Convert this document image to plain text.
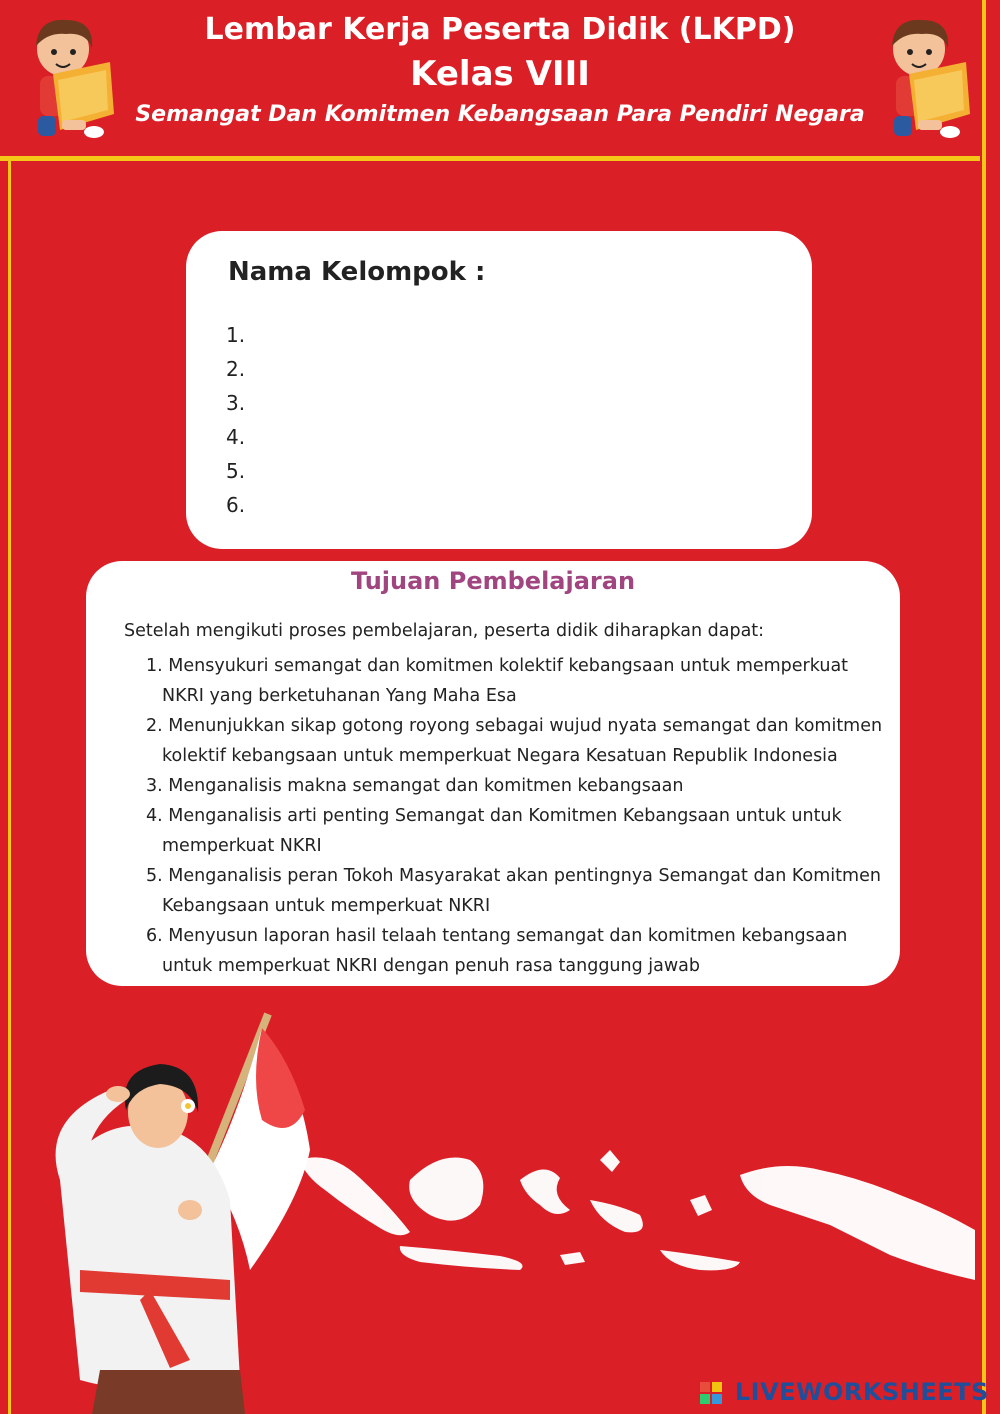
Lembar Kerja Peserta Didik (LKPD)
Kelas VIII
Semangat Dan Komitmen Kebangsaan Para Pendiri Negara
Nama Kelompok :
1.
2.
3.
4.
5.
6.
Tujuan Pembelajaran
Setelah mengikuti proses pembelajaran, peserta didik diharapkan dapat:
1. Mensyukuri semangat dan komitmen kolektif kebangsaan untuk memperkuat
NKRI yang berketuhanan Yang Maha Esa
2. Menunjukkan sikap gotong royong sebagai wujud nyata semangat dan komitmen
kolektif kebangsaan untuk memperkuat Negara Kesatuan Republik Indonesia
3. Menganalisis makna semangat dan komitmen kebangsaan
4. Menganalisis arti penting Semangat dan Komitmen Kebangsaan untuk untuk
memperkuat NKRI
5. Menganalisis peran Tokoh Masyarakat akan pentingnya Semangat dan Komitmen
Kebangsaan untuk memperkuat NKRI
6. Menyusun laporan hasil telaah tentang semangat dan komitmen kebangsaan
untuk memperkuat NKRI dengan penuh rasa tanggung jawab
LIVEWORKSHEETS
